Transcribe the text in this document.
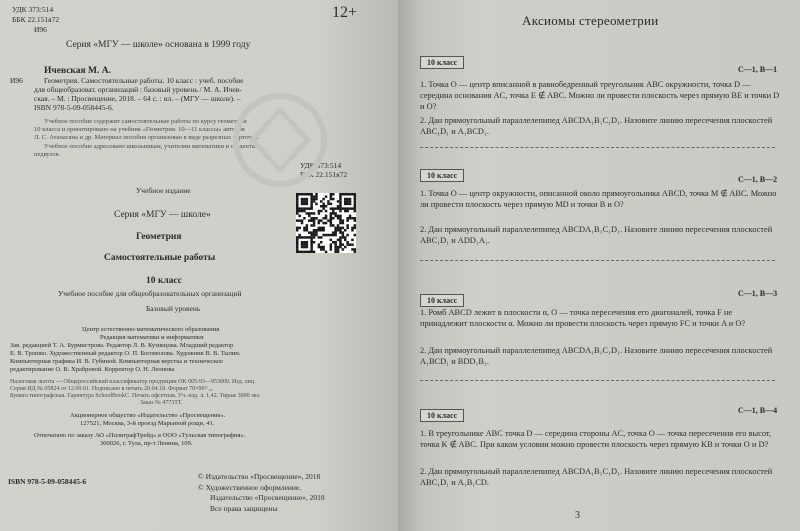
УДК 373:514
ББК 22.151я72
И96
12+
Серия «МГУ — школе» основана в 1999 году
Ичевская М. А.
И96	Геометрия. Самостоятельные работы. 10 класс : учеб. пособие
для общеобразоват. организаций : базовый уровень / М. А. Ичев-
ская. – М. : Просвещение, 2018. – 64 с. : ил. – (МГУ — школе). –
ISBN 978-5-09-058445-6.
Учебное пособие содержит самостоятельные работы по курсу геометрии
10 класса и ориентировано на учебник «Геометрия. 10—11 классы» авторов
Л. С. Атанасяна и др. Материал пособия организован в виде разрезных карточек.
Учебное пособие адресовано школьникам, учителям математики и студентам
педвузов.
УДК 373:514
ББК 22.151я72
Учебное издание
Серия «МГУ — школе»
Геометрия
Самостоятельные работы
10 класс
Учебное пособие для общеобразовательных организаций
Базовый уровень
Центр естественно-математического образования
Редакция математики и информатики
Зав. редакцией Т. А. Бурмистрова. Редактор Л. В. Кузнецова. Младший редактор
Е. В. Трошко. Художественный редактор О. П. Богомолова. Художник В. В. Тылин.
Компьютерная графика И. В. Губиной. Компьютерная верстка и техническое
редактирование О. В. Храбровой. Корректор О. Н. Леонова
Налоговая льгота — Общероссийский классификатор продукции ОК 005-93—953000. Изд. лиц.
Серия ИД № 05824 от 12.09.01. Подписано в печать 20.04.18. Формат 70×90¹/₁₆.
Бумага типографская. Гарнитура SchoolBookC. Печать офсетная. Уч.-изд. л. 1,42. Тираж 3000 экз.
Заказ № 4773ТТ.
Акционерное общество «Издательство «Просвещение».
127521, Москва, 3-й проезд Марьиной рощи, 41.
Отпечатано по заказу АО «ПолиграфТрейд» в ООО «Тульская типография».
300026, г. Тула, пр-т Ленина, 109.
ISBN 978-5-09-058445-6
© Издательство «Просвещение», 2018
© Художественное оформление.
Издательство «Просвещение», 2018
Все права защищены
Аксиомы стереометрии
10 класс
С—1, В—1
1. Точка O — центр вписанной в равнобедренный треугольник ABC окружности, точка D — середина основания AC, точка E ∉ ABC. Можно ли провести плоскость через прямую BE и точки D и O?
2. Дан прямоугольный параллелепипед ABCDA₁B₁C₁D₁. Назовите линию пересечения плоскостей ABC₁D₁ и A₁BCD₁.
10 класс	С—1, В—2
1. Точка O — центр окружности, описанной около прямоугольника ABCD, точка M ∉ ABC. Можно ли провести плоскость через прямую MD и точки B и O?
2. Дан прямоугольный параллелепипед ABCDA₁B₁C₁D₁. Назовите линию пересечения плоскостей ABC₁D₁ и ADD₁A₁.
10 класс
С—1, В—3
1. Ромб ABCD лежит в плоскости α, O — точка пересечения его диагоналей, точка F не принадлежит плоскости α. Можно ли провести плоскость через прямую FC и точки A и O?
2. Дан прямоугольный параллелепипед ABCDA₁B₁C₁D₁. Назовите линию пересечения плоскостей A₁BCD₁ и BDD₁B₁.
10 класс
С—1, В—4
1. В треугольнике ABC точка D — середина стороны AC, точка O — точка пересечения его высот, точка K ∉ ABC. При каком условии можно провести плоскость через прямую KB и точки O и D?
2. Дан прямоугольный параллелепипед ABCDA₁B₁C₁D₁. Назовите линию пересечения плоскостей ABC₁D₁ и A₁B₁CD.
3
